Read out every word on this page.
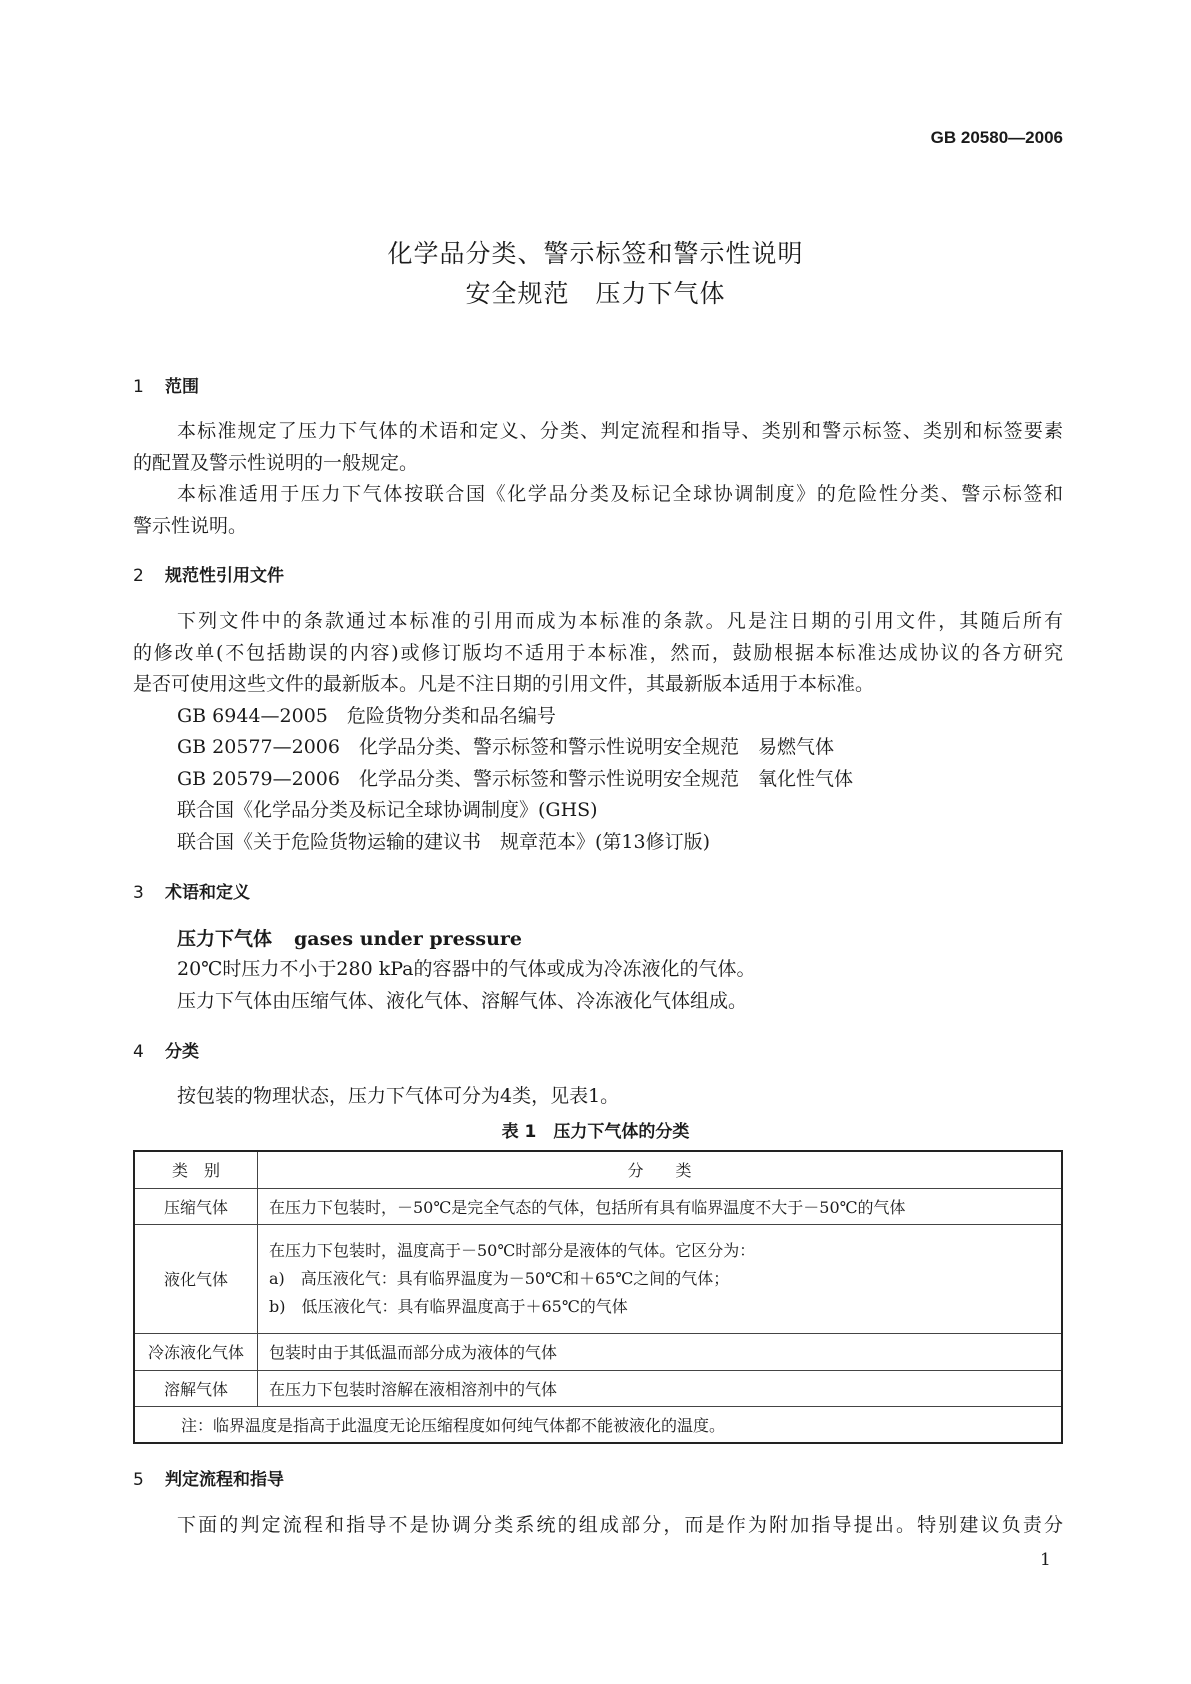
GB 20580—2006
化学品分类、警示标签和警示性说明
安全规范　压力下气体
1 范围
本标准规定了压力下气体的术语和定义、分类、判定流程和指导、类别和警示标签、类别和标签要素
的配置及警示性说明的一般规定。
本标准适用于压力下气体按联合国《化学品分类及标记全球协调制度》的危险性分类、警示标签和
警示性说明。
2 规范性引用文件
下列文件中的条款通过本标准的引用而成为本标准的条款。凡是注日期的引用文件，其随后所有
的修改单(不包括勘误的内容)或修订版均不适用于本标准，然而，鼓励根据本标准达成协议的各方研究
是否可使用这些文件的最新版本。凡是不注日期的引用文件，其最新版本适用于本标准。
GB 6944—2005　危险货物分类和品名编号
GB 20577—2006　化学品分类、警示标签和警示性说明安全规范　易燃气体
GB 20579—2006　化学品分类、警示标签和警示性说明安全规范　氧化性气体
联合国《化学品分类及标记全球协调制度》(GHS)
联合国《关于危险货物运输的建议书　规章范本》(第13修订版)
3 术语和定义
压力下气体 gases under pressure
20℃时压力不小于280 kPa的容器中的气体或成为冷冻液化的气体。
压力下气体由压缩气体、液化气体、溶解气体、冷冻液化气体组成。
4 分类
按包装的物理状态，压力下气体可分为4类，见表1。
表 1　压力下气体的分类
类　别	分　　类
压缩气体	在压力下包装时，－50℃是完全气态的气体，包括所有具有临界温度不大于－50℃的气体
液化气体	在压力下包装时，温度高于－50℃时部分是液体的气体。它区分为：
a)　高压液化气：具有临界温度为－50℃和＋65℃之间的气体；
b)　低压液化气：具有临界温度高于＋65℃的气体

冷冻液化气体	包装时由于其低温而部分成为液体的气体
溶解气体	在压力下包装时溶解在液相溶剂中的气体
注：临界温度是指高于此温度无论压缩程度如何纯气体都不能被液化的温度。	
5 判定流程和指导
下面的判定流程和指导不是协调分类系统的组成部分，而是作为附加指导提出。特别建议负责分
1
